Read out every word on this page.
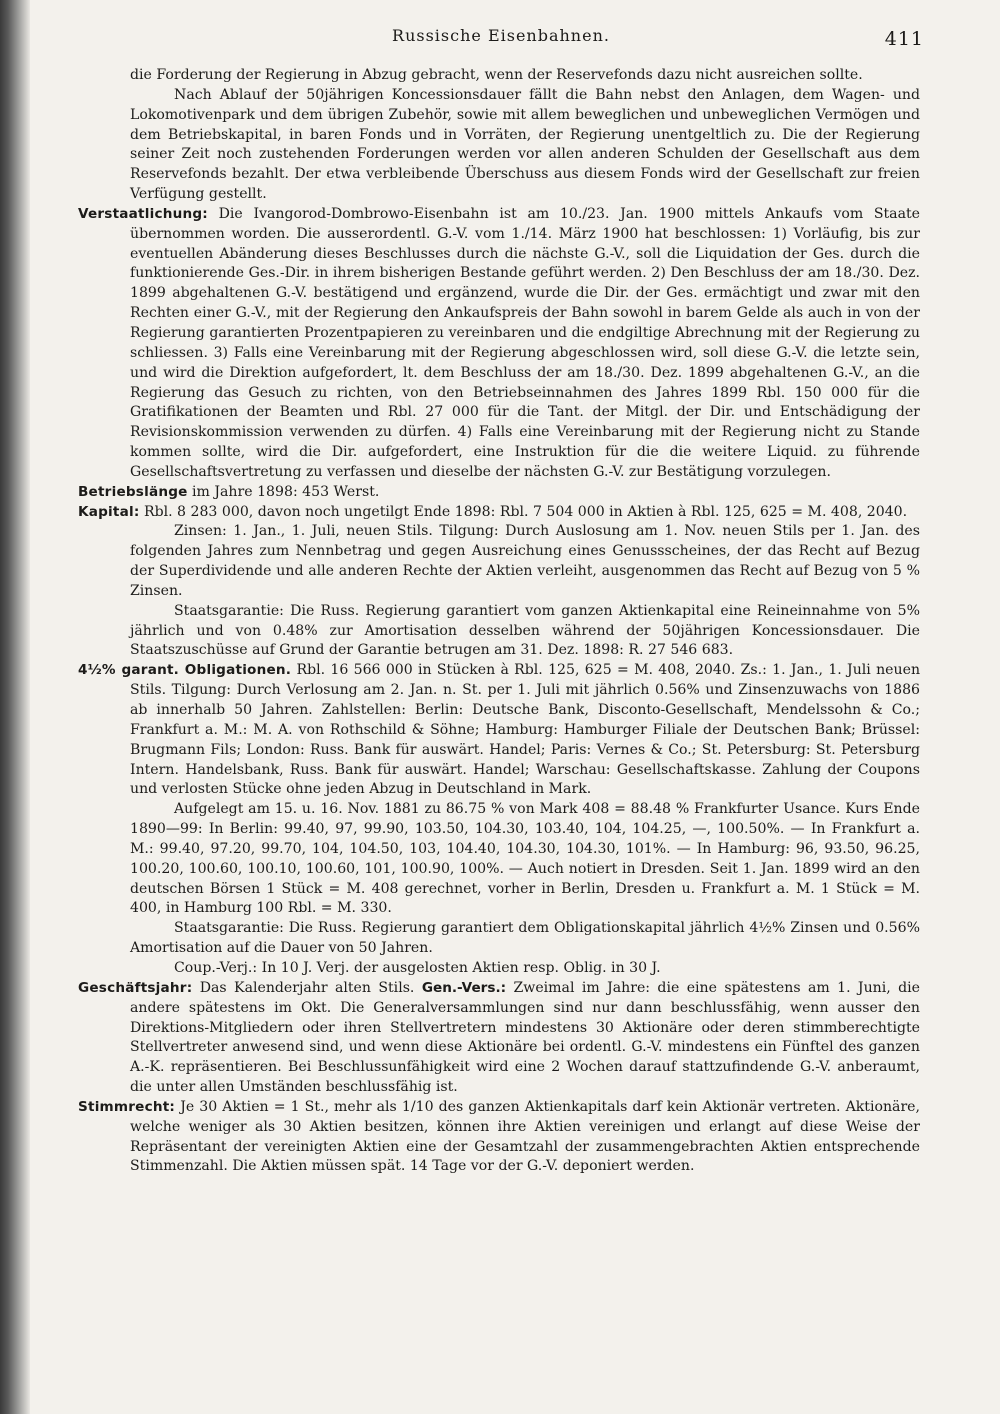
Russische Eisenbahnen.	411

die Forderung der Regierung in Abzug gebracht, wenn der Reservefonds dazu nicht ausreichen sollte.

Nach Ablauf der 50jährigen Koncessionsdauer fällt die Bahn nebst den Anlagen, dem Wagen- und Lokomotivenpark und dem übrigen Zubehör, sowie mit allem beweglichen und unbeweglichen Vermögen und dem Betriebskapital, in baren Fonds und in Vorräten, der Regierung unentgeltlich zu. Die der Regierung seiner Zeit noch zustehenden Forderungen werden vor allen anderen Schulden der Gesellschaft aus dem Reservefonds bezahlt. Der etwa verbleibende Überschuss aus diesem Fonds wird der Gesellschaft zur freien Verfügung gestellt.

Verstaatlichung: Die Ivangorod-Dombrowo-Eisenbahn ist am 10./23. Jan. 1900 mittels Ankaufs vom Staate übernommen worden. Die ausserordentl. G.-V. vom 1./14. März 1900 hat beschlossen: 1) Vorläufig, bis zur eventuellen Abänderung dieses Beschlusses durch die nächste G.-V., soll die Liquidation der Ges. durch die funktionierende Ges.-Dir. in ihrem bisherigen Bestande geführt werden. 2) Den Beschluss der am 18./30. Dez. 1899 abgehaltenen G.-V. bestätigend und ergänzend, wurde die Dir. der Ges. ermächtigt und zwar mit den Rechten einer G.-V., mit der Regierung den Ankaufspreis der Bahn sowohl in barem Gelde als auch in von der Regierung garantierten Prozentpapieren zu vereinbaren und die endgiltige Abrechnung mit der Regierung zu schliessen. 3) Falls eine Vereinbarung mit der Regierung abgeschlossen wird, soll diese G.-V. die letzte sein, und wird die Direktion aufgefordert, lt. dem Beschluss der am 18./30. Dez. 1899 abgehaltenen G.-V., an die Regierung das Gesuch zu richten, von den Betriebseinnahmen des Jahres 1899 Rbl. 150 000 für die Gratifikationen der Beamten und Rbl. 27 000 für die Tant. der Mitgl. der Dir. und Entschädigung der Revisionskommission verwenden zu dürfen. 4) Falls eine Vereinbarung mit der Regierung nicht zu Stande kommen sollte, wird die Dir. aufgefordert, eine Instruktion für die die weitere Liquid. zu führende Gesellschaftsvertretung zu verfassen und dieselbe der nächsten G.-V. zur Bestätigung vorzulegen.

Betriebslänge im Jahre 1898: 453 Werst.

Kapital: Rbl. 8 283 000, davon noch ungetilgt Ende 1898: Rbl. 7 504 000 in Aktien à Rbl. 125, 625 = M. 408, 2040.

Zinsen: 1. Jan., 1. Juli, neuen Stils. Tilgung: Durch Auslosung am 1. Nov. neuen Stils per 1. Jan. des folgenden Jahres zum Nennbetrag und gegen Ausreichung eines Genussscheines, der das Recht auf Bezug der Superdividende und alle anderen Rechte der Aktien verleiht, ausgenommen das Recht auf Bezug von 5 % Zinsen.

Staatsgarantie: Die Russ. Regierung garantiert vom ganzen Aktienkapital eine Reineinnahme von 5% jährlich und von 0.48% zur Amortisation desselben während der 50jährigen Koncessionsdauer. Die Staatszuschüsse auf Grund der Garantie betrugen am 31. Dez. 1898: R. 27 546 683.

4½% garant. Obligationen. Rbl. 16 566 000 in Stücken à Rbl. 125, 625 = M. 408, 2040. Zs.: 1. Jan., 1. Juli neuen Stils. Tilgung: Durch Verlosung am 2. Jan. n. St. per 1. Juli mit jährlich 0.56% und Zinsenzuwachs von 1886 ab innerhalb 50 Jahren. Zahlstellen: Berlin: Deutsche Bank, Disconto-Gesellschaft, Mendelssohn & Co.; Frankfurt a. M.: M. A. von Rothschild & Söhne; Hamburg: Hamburger Filiale der Deutschen Bank; Brüssel: Brugmann Fils; London: Russ. Bank für auswärt. Handel; Paris: Vernes & Co.; St. Petersburg: St. Petersburg Intern. Handelsbank, Russ. Bank für auswärt. Handel; Warschau: Gesellschaftskasse. Zahlung der Coupons und verlosten Stücke ohne jeden Abzug in Deutschland in Mark.

Aufgelegt am 15. u. 16. Nov. 1881 zu 86.75 % von Mark 408 = 88.48 % Frankfurter Usance. Kurs Ende 1890—99: In Berlin: 99.40, 97, 99.90, 103.50, 104.30, 103.40, 104, 104.25, —, 100.50%. — In Frankfurt a. M.: 99.40, 97.20, 99.70, 104, 104.50, 103, 104.40, 104.30, 104.30, 101%. — In Hamburg: 96, 93.50, 96.25, 100.20, 100.60, 100.10, 100.60, 101, 100.90, 100%. — Auch notiert in Dresden. Seit 1. Jan. 1899 wird an den deutschen Börsen 1 Stück = M. 408 gerechnet, vorher in Berlin, Dresden u. Frankfurt a. M. 1 Stück = M. 400, in Hamburg 100 Rbl. = M. 330.

Staatsgarantie: Die Russ. Regierung garantiert dem Obligationskapital jährlich 4½% Zinsen und 0.56% Amortisation auf die Dauer von 50 Jahren.

Coup.-Verj.: In 10 J. Verj. der ausgelosten Aktien resp. Oblig. in 30 J.

Geschäftsjahr: Das Kalenderjahr alten Stils. Gen.-Vers.: Zweimal im Jahre: die eine spätestens am 1. Juni, die andere spätestens im Okt. Die Generalversammlungen sind nur dann beschlussfähig, wenn ausser den Direktions-Mitgliedern oder ihren Stellvertretern mindestens 30 Aktionäre oder deren stimmberechtigte Stellvertreter anwesend sind, und wenn diese Aktionäre bei ordentl. G.-V. mindestens ein Fünftel des ganzen A.-K. repräsentieren. Bei Beschlussunfähigkeit wird eine 2 Wochen darauf stattzufindende G.-V. anberaumt, die unter allen Umständen beschlussfähig ist.

Stimmrecht: Je 30 Aktien = 1 St., mehr als 1/10 des ganzen Aktienkapitals darf kein Aktionär vertreten. Aktionäre, welche weniger als 30 Aktien besitzen, können ihre Aktien vereinigen und erlangt auf diese Weise der Repräsentant der vereinigten Aktien eine der Gesamtzahl der zusammengebrachten Aktien entsprechende Stimmenzahl. Die Aktien müssen spät. 14 Tage vor der G.-V. deponiert werden.
